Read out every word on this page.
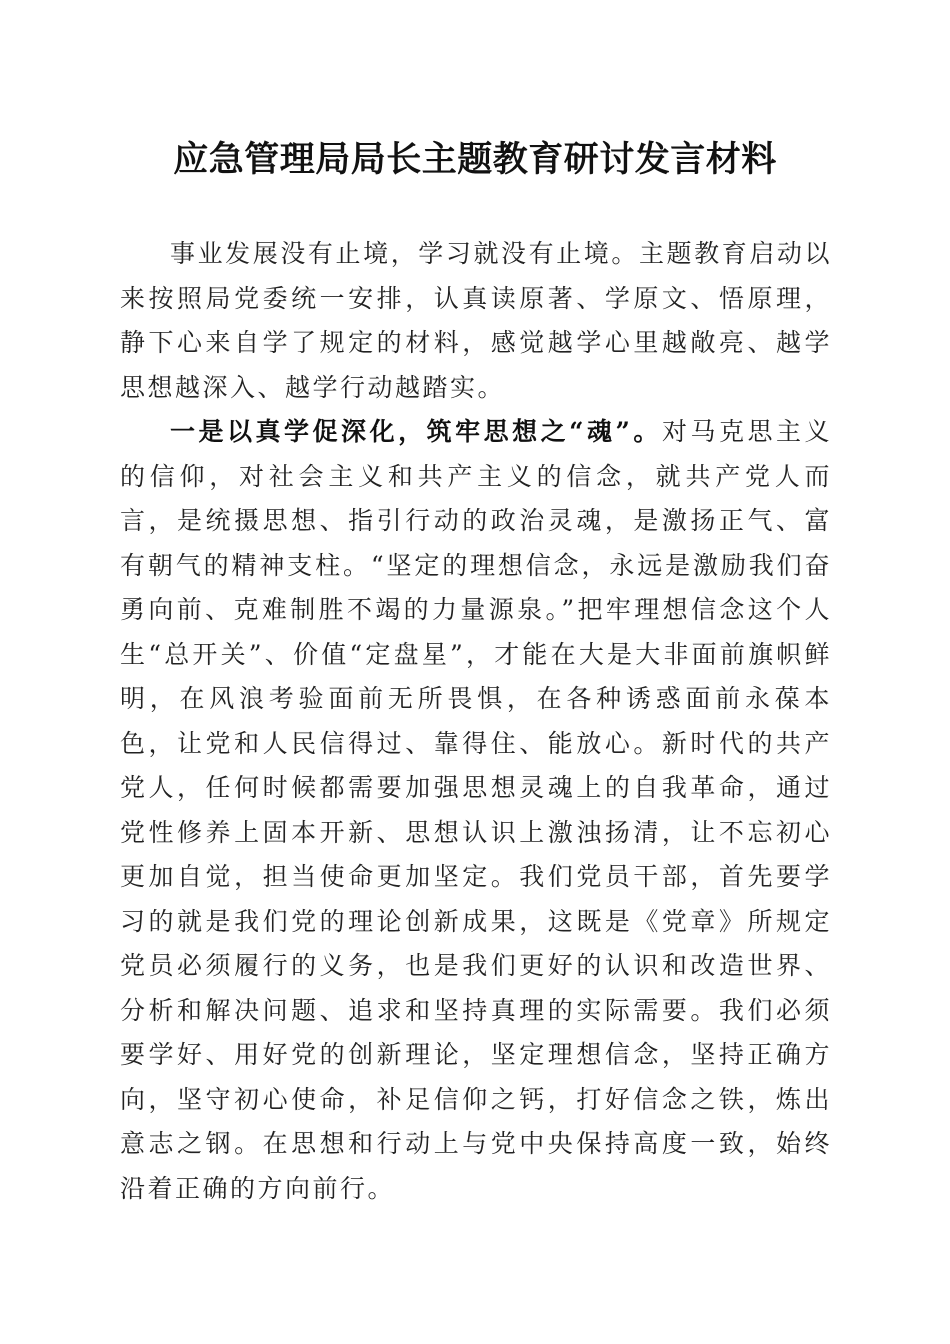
应急管理局局长主题教育研讨发言材料

事业发展没有止境，学习就没有止境。主题教育启动以来按照局党委统一安排，认真读原著、学原文、悟原理，静下心来自学了规定的材料，感觉越学心里越敞亮、越学思想越深入、越学行动越踏实。

一是以真学促深化，筑牢思想之“魂”。对马克思主义的信仰，对社会主义和共产主义的信念，就共产党人而言，是统摄思想、指引行动的政治灵魂，是激扬正气、富有朝气的精神支柱。“坚定的理想信念，永远是激励我们奋勇向前、克难制胜不竭的力量源泉。”把牢理想信念这个人生“总开关”、价值“定盘星”，才能在大是大非面前旗帜鲜明，在风浪考验面前无所畏惧，在各种诱惑面前永葆本色，让党和人民信得过、靠得住、能放心。新时代的共产党人，任何时候都需要加强思想灵魂上的自我革命，通过党性修养上固本开新、思想认识上激浊扬清，让不忘初心更加自觉，担当使命更加坚定。我们党员干部，首先要学习的就是我们党的理论创新成果，这既是《党章》所规定党员必须履行的义务，也是我们更好的认识和改造世界、分析和解决问题、追求和坚持真理的实际需要。我们必须要学好、用好党的创新理论，坚定理想信念，坚持正确方向，坚守初心使命，补足信仰之钙，打好信念之铁，炼出意志之钢。在思想和行动上与党中央保持高度一致，始终沿着正确的方向前行。
